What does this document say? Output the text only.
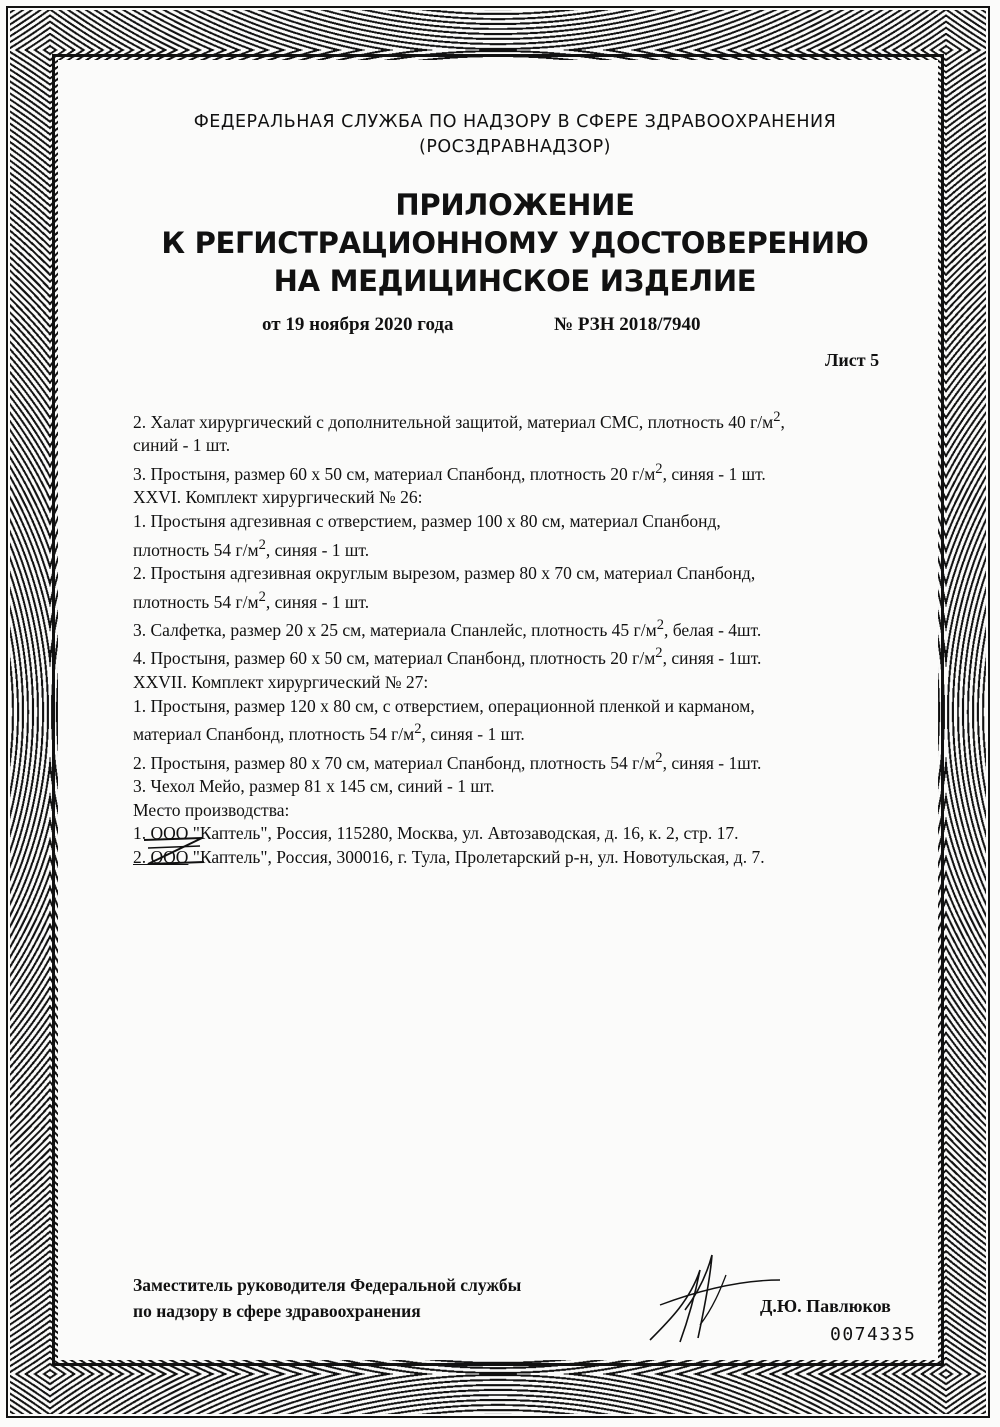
ФЕДЕРАЛЬНАЯ СЛУЖБА ПО НАДЗОРУ В СФЕРЕ ЗДРАВООХРАНЕНИЯ
(РОСЗДРАВНАДЗОР)
ПРИЛОЖЕНИЕ
К РЕГИСТРАЦИОННОМУ УДОСТОВЕРЕНИЮ
НА МЕДИЦИНСКОЕ ИЗДЕЛИЕ
от 19 ноября 2020 года	№ РЗН 2018/7940
Лист 5

2. Халат хирургический с дополнительной защитой, материал СМС, плотность 40 $г/м^2$,

синий - 1 шт.

3. Простыня, размер 60 х 50 см, материал Спанбонд, плотность 20 $г/м^2$, синяя - 1 шт.

XXVI. Комплект хирургический № 26:

1. Простыня адгезивная с отверстием, размер 100 х 80 см, материал Спанбонд,

плотность 54 $г/м^2$, синяя - 1 шт.

2. Простыня адгезивная округлым вырезом, размер 80 х 70 см, материал Спанбонд,

плотность 54 $г/м^2$, синяя - 1 шт.

3. Салфетка, размер 20 х 25 см, материала Спанлейс, плотность 45 $г/м^2$, белая - 4шт.

4. Простыня, размер 60 х 50 см, материал Спанбонд, плотность 20 $г/м^2$, синяя - 1шт.

XXVII. Комплект хирургический № 27:

1. Простыня, размер 120 х 80 см, с отверстием, операционной пленкой и карманом,

материал Спанбонд, плотность 54 $г/м^2$, синяя - 1 шт.

2. Простыня, размер 80 х 70 см, материал Спанбонд, плотность 54 $г/м^2$, синяя - 1шт.

3. Чехол Мейо, размер 81 х 145 см, синий - 1 шт.

Место производства:

1. ООО "Каптель", Россия, 115280, Москва, ул. Автозаводская, д. 16, к. 2, стр. 17.

2. ООО "Каптель", Россия, 300016, г. Тула, Пролетарский р-н, ул. Новотульская, д. 7.

Заместитель руководителя Федеральной службы

по надзору в сфере здравоохранения	Д.Ю. Павлюков
0074335
